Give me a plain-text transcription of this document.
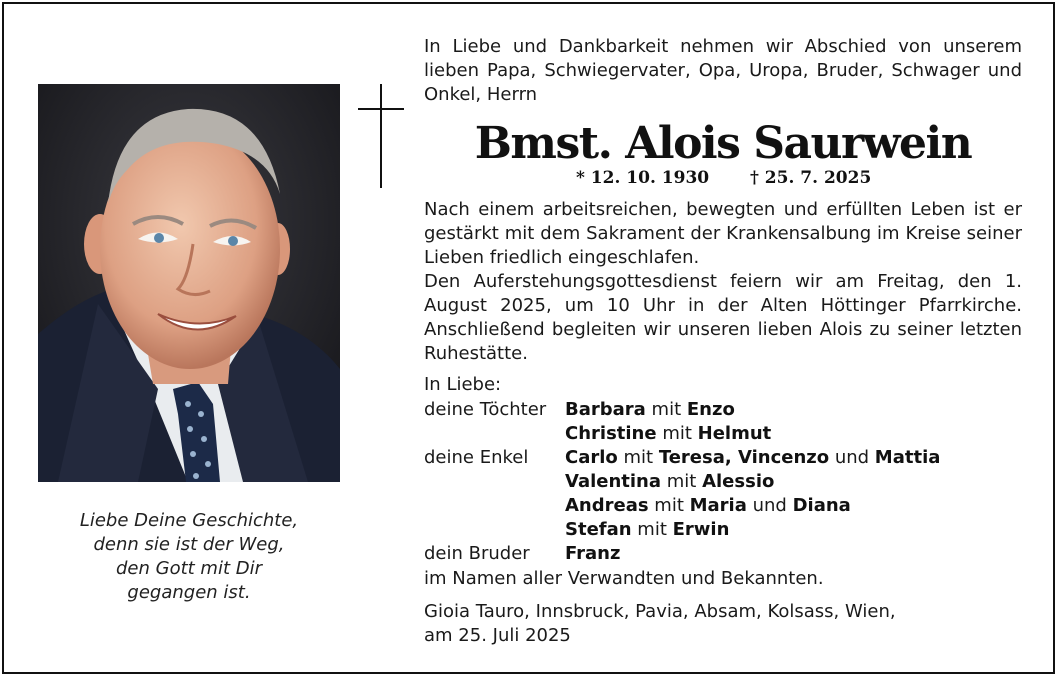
Liebe Deine Geschichte,
denn sie ist der Weg,
den Gott mit Dir
gegangen ist.
In Liebe und Dankbarkeit nehmen wir Abschied von unserem lieben Papa, Schwiegervater, Opa, Uropa, Bruder, Schwager und Onkel, Herrn
Bmst. Alois Saurwein
* 12. 10. 1930 † 25. 7. 2025
Nach einem arbeitsreichen, bewegten und erfüllten Leben ist er gestärkt mit dem Sakrament der Krankensalbung im Kreise seiner Lieben friedlich eingeschlafen.
Den Auferstehungsgottesdienst feiern wir am Freitag, den 1. August 2025, um 10 Uhr in der Alten Höttinger Pfarrkirche. Anschließend begleiten wir unseren lieben Alois zu seiner letzten Ruhestätte.
In Liebe:
deine Töchter Barbara mit Enzo
Christine mit Helmut
deine Enkel Carlo mit Teresa, Vincenzo und Mattia
Valentina mit Alessio
Andreas mit Maria und Diana
Stefan mit Erwin
dein Bruder Franz
im Namen aller Verwandten und Bekannten.
Gioia Tauro, Innsbruck, Pavia, Absam, Kolsass, Wien,
am 25. Juli 2025
